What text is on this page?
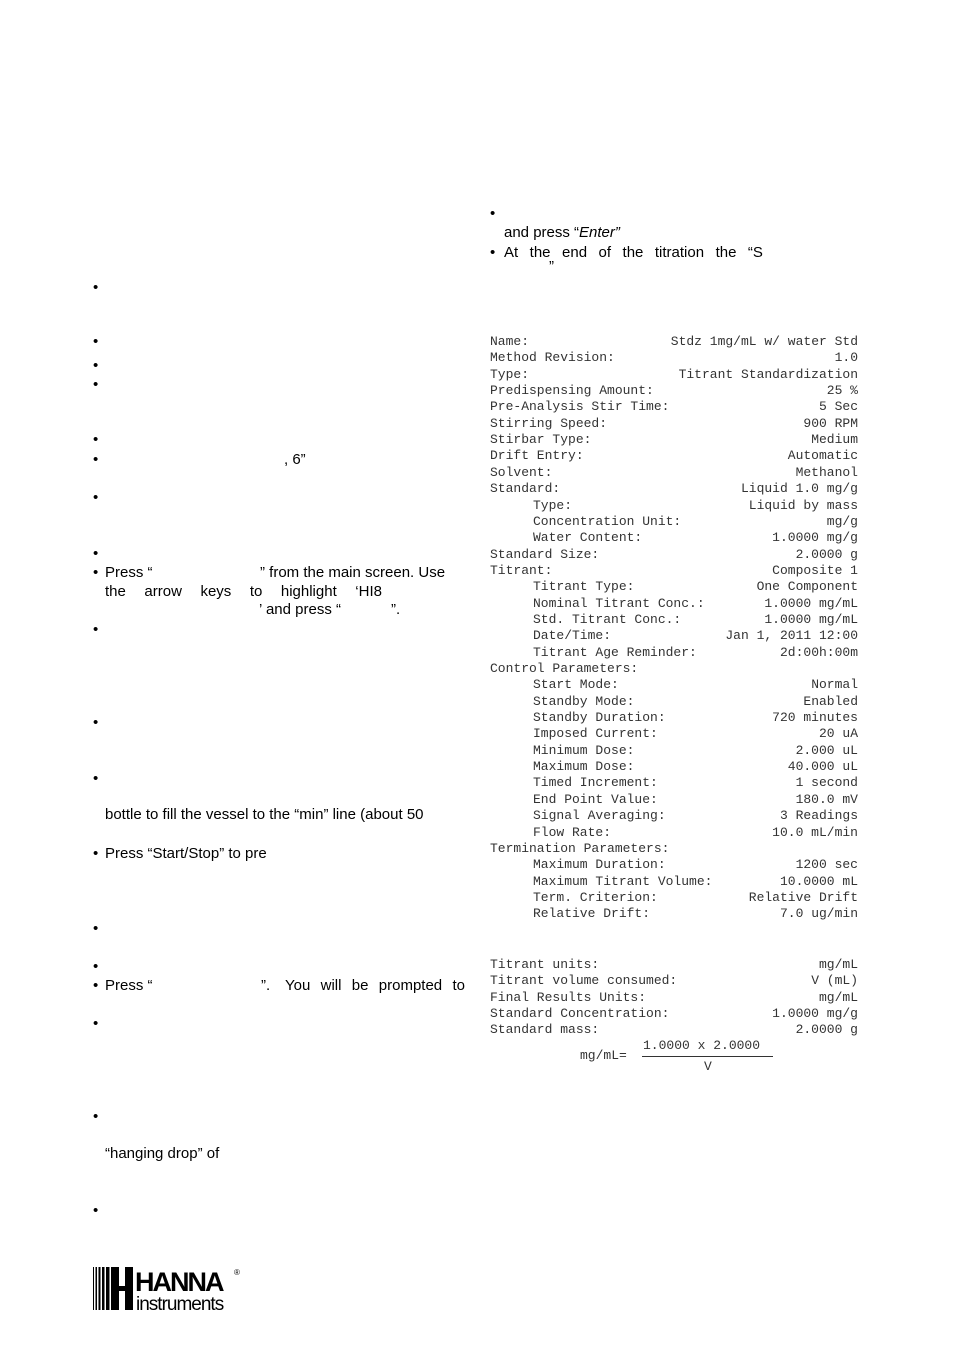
•
•
•
•
•
•	, 6”
•
•
• Press “	” from the main screen. Use
the arrow keys to highlight ‘HI8
’ and press “	”.
•
•
•
bottle to fill the vessel to the “min” line (about 50
• Press “Start/Stop” to pre
•
•
• Press “	”. You will be prompted to
•
•
“hanging drop” of
•
•
and press “Enter”
• At the end of the titration the “S
”
Name:	Stdz 1mg/mL w/ water Std
Method Revision:	1.0
Type:	Titrant Standardization
Predispensing Amount:	25 %
Pre-Analysis Stir Time:	5 Sec
Stirring Speed:	900 RPM
Stirbar Type:	Medium
Drift Entry:	Automatic
Solvent:	Methanol
Standard:	Liquid 1.0 mg/g
Type:	Liquid by mass
Concentration Unit:	mg/g
Water Content:	1.0000 mg/g
Standard Size:	2.0000 g
Titrant:	Composite 1
Titrant Type:	One Component
Nominal Titrant Conc.:	1.0000 mg/mL
Std. Titrant Conc.:	1.0000 mg/mL
Date/Time:	Jan 1, 2011 12:00
Titrant Age Reminder:	2d:00h:00m
Control Parameters:
Start Mode:	Normal
Standby Mode:	Enabled
Standby Duration:	720 minutes
Imposed Current:	20 uA
Minimum Dose:	2.000 uL
Maximum Dose:	40.000 uL
Timed Increment:	1 second
End Point Value:	180.0 mV
Signal Averaging:	3 Readings
Flow Rate:	10.0 mL/min
Termination Parameters:
Maximum Duration:	1200 sec
Maximum Titrant Volume:	10.0000 mL
Term. Criterion:	Relative Drift
Relative Drift:	7.0 ug/min
Titrant units:	mg/mL
Titrant volume consumed:	V (mL)
Final Results Units:	mg/mL
Standard Concentration:	1.0000 mg/g
Standard mass:	2.0000 g
mg/mL=
1.0000 x 2.0000
V
HANNA ®
instruments
